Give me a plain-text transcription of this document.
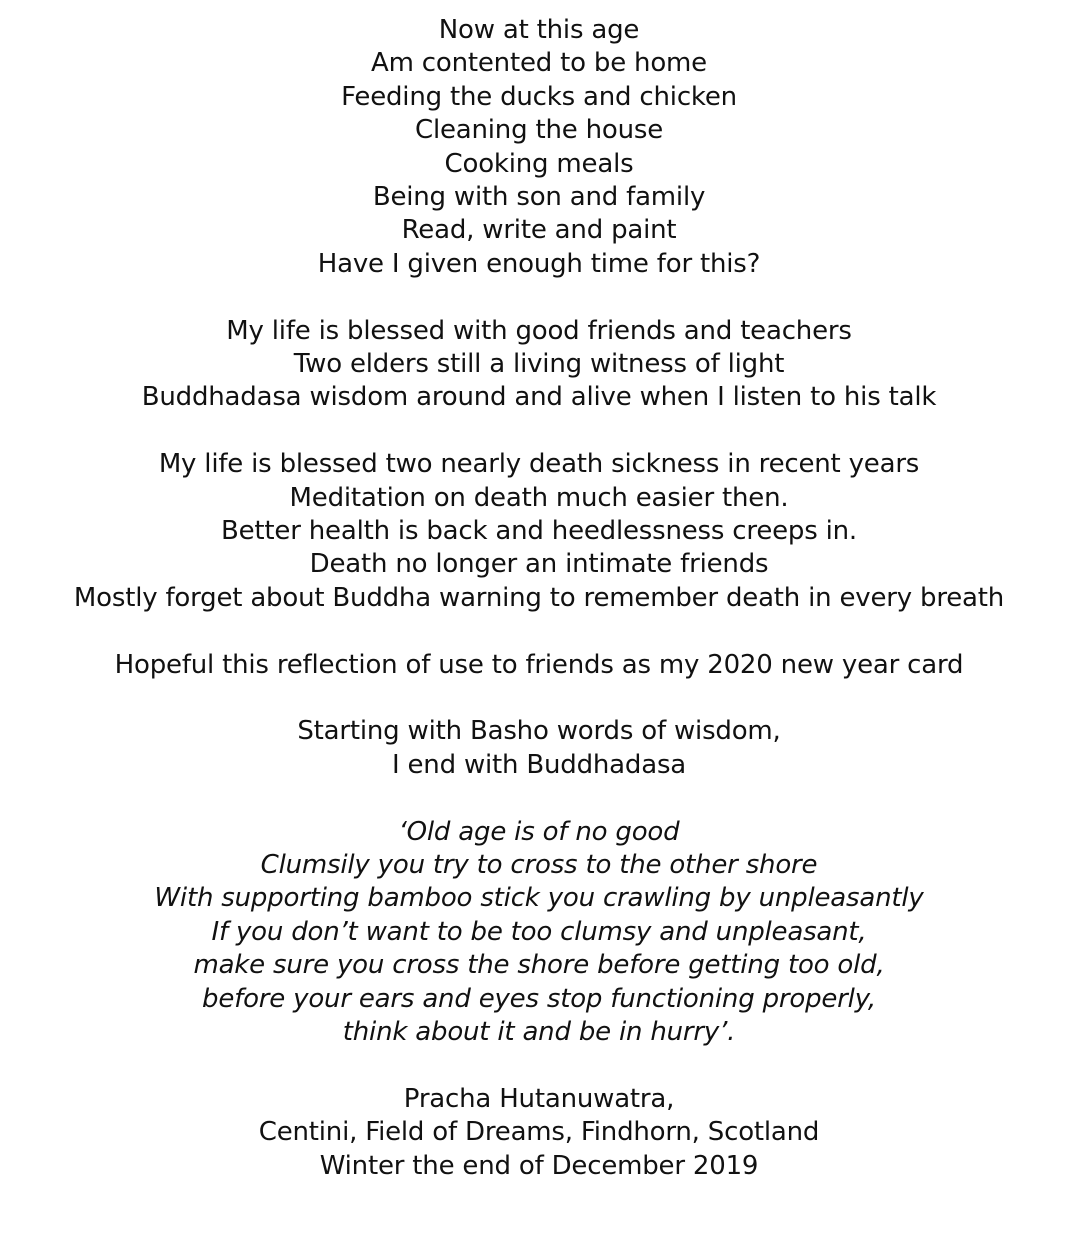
Now at this age
Am contented to be home
Feeding the ducks and chicken
Cleaning the house
Cooking meals
Being with son and family
Read, write and paint
Have I given enough time for this?
My life is blessed with good friends and teachers
Two elders still a living witness of light
Buddhadasa wisdom around and alive when I listen to his talk
My life is blessed two nearly death sickness in recent years
Meditation on death much easier then.
Better health is back and heedlessness creeps in.
Death no longer an intimate friends
Mostly forget about Buddha warning to remember death in every breath
Hopeful this reflection of use to friends as my 2020 new year card
Starting with Basho words of wisdom,
I end with Buddhadasa
‘Old age is of no good
Clumsily you try to cross to the other shore
With supporting bamboo stick you crawling by unpleasantly
If you don’t want to be too clumsy and unpleasant,
make sure you cross the shore before getting too old,
before your ears and eyes stop functioning properly,
think about it and be in hurry’.
Pracha Hutanuwatra,
Centini, Field of Dreams, Findhorn, Scotland
Winter the end of December 2019
